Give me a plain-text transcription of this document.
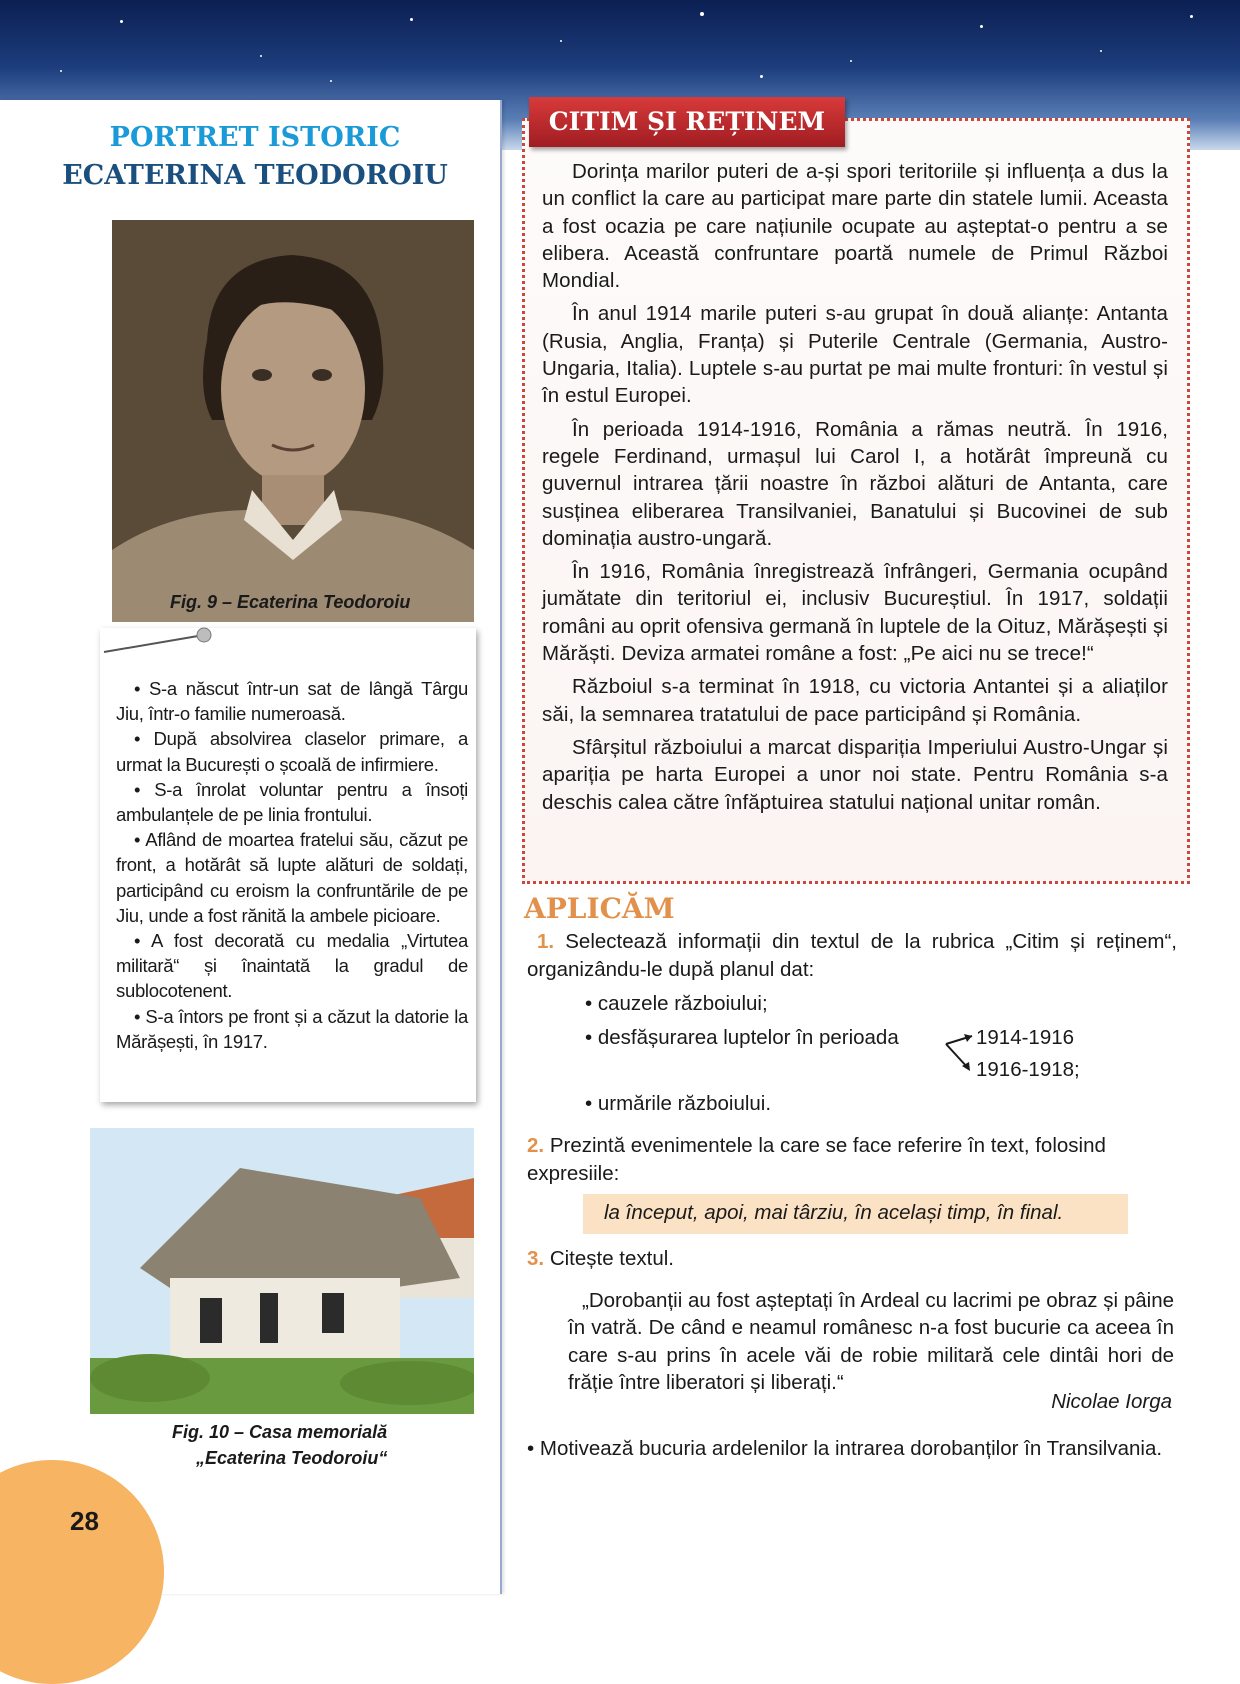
PORTRET ISTORIC
ECATERINA TEODOROIU
Fig. 9 – Ecaterina Teodoroiu

• S-a născut într-un sat de lângă Târgu Jiu, într-o familie numeroasă.

• După absolvirea claselor primare, a urmat la București o școală de infirmiere.

• S-a înrolat voluntar pentru a însoți ambulanțele de pe linia frontului.

• Aflând de moartea fratelui său, căzut pe front, a hotărât să lupte alături de soldați, participând cu eroism la confruntările de pe Jiu, unde a fost rănită la ambele picioare.

• A fost decorată cu medalia „Virtutea militară“ și înaintată la gradul de sublocotenent.

• S-a întors pe front și a căzut la datorie la Mărășești, în 1917.

Fig. 10 – Casa memorială
„Ecaterina Teodoroiu“
28
CITIM ȘI REȚINEM

Dorința marilor puteri de a-și spori teritoriile și influența a dus la un conflict la care au participat mare parte din statele lumii. Aceasta a fost ocazia pe care națiunile ocupate au așteptat-o pentru a se elibera. Această confruntare poartă numele de Primul Război Mondial.

În anul 1914 marile puteri s-au grupat în două alianțe: Antanta (Rusia, Anglia, Franța) și Puterile Centrale (Germania, Austro-Ungaria, Italia). Luptele s-au purtat pe mai multe fronturi: în vestul și în estul Europei.

În perioada 1914-1916, România a rămas neutră. În 1916, regele Ferdinand, urmașul lui Carol I, a hotărât împreună cu guvernul intrarea țării noastre în război alături de Antanta, care susținea eliberarea Transilvaniei, Banatului și Bucovinei de sub dominația austro-ungară.

În 1916, România înregistrează înfrângeri, Germania ocupând jumătate din teritoriul ei, inclusiv Bucureștiul. În 1917, soldații români au oprit ofensiva germană în luptele de la Oituz, Mărășești și Mărăști. Deviza armatei române a fost: „Pe aici nu se trece!“

Războiul s-a terminat în 1918, cu victoria Antantei și a aliaților săi, la semnarea tratatului de pace participând și România.

Sfârșitul războiului a marcat dispariția Imperiului Austro-Ungar și apariția pe harta Europei a unor noi state. Pentru România s-a deschis calea către înfăptuirea statului național unitar român.

APLICĂM
1. Selectează informații din textul de la rubrica „Citim și reținem“, organizându-le după planul dat:
• cauzele războiului;
• desfășurarea luptelor în perioada	1914-1916
1916-1918;
• urmările războiului.
2. Prezintă evenimentele la care se face referire în text, folosind expresiile:
la început, apoi, mai târziu, în același timp, în final.
3. Citește textul.

„Dorobanții au fost așteptați în Ardeal cu lacrimi pe obraz și pâine în vatră. De când e neamul românesc n-a fost bucurie ca aceea în care s-au prins în acele văi de robie militară cele dintâi hori de frăție între liberatori și liberați.“

Nicolae Iorga
• Motivează bucuria ardelenilor la intrarea dorobanților în Transilvania.
